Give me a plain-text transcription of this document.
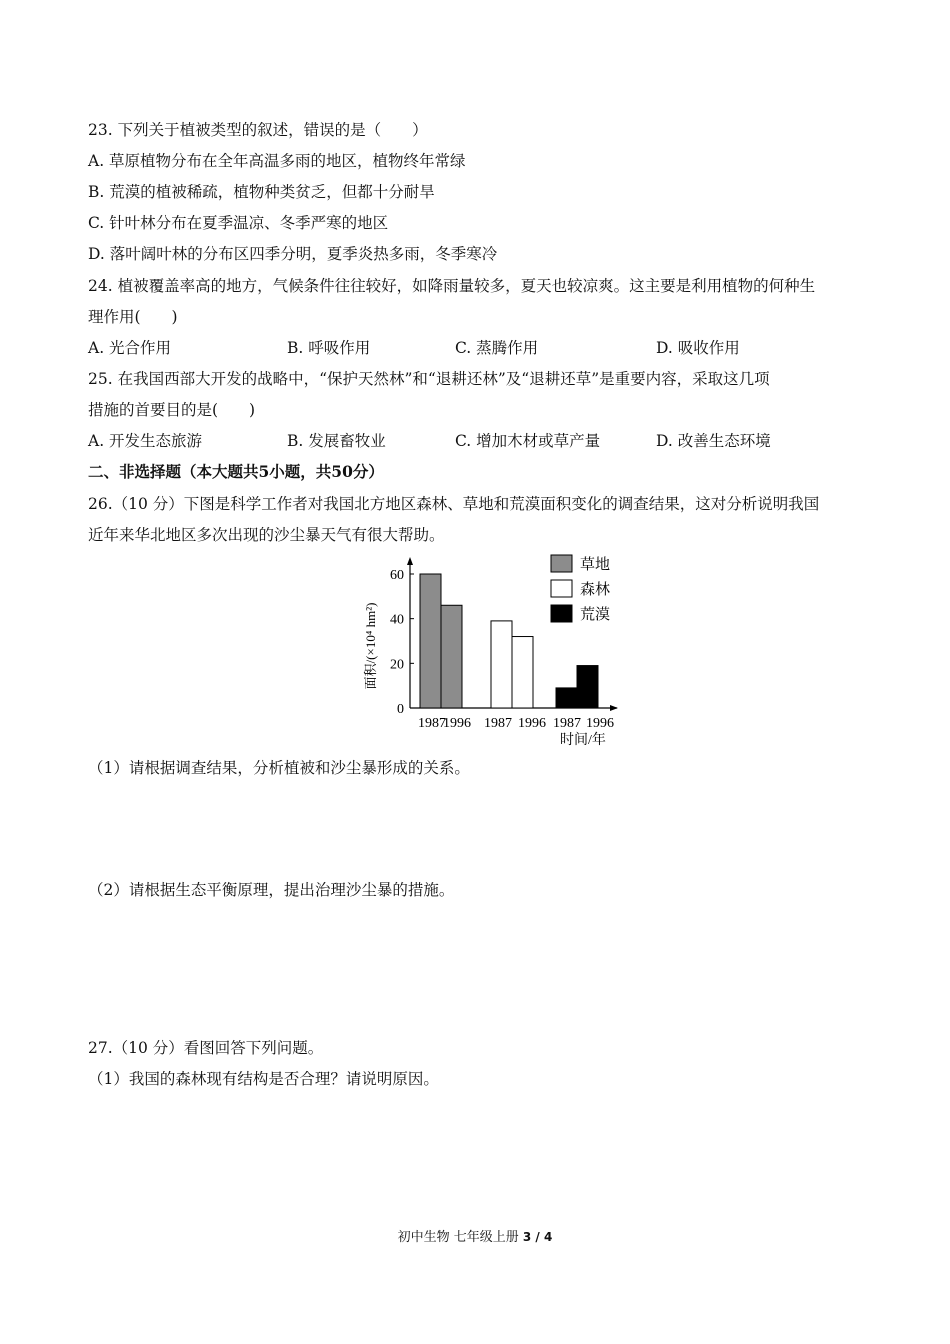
23. 下列关于植被类型的叙述，错误的是（　　）
A. 草原植物分布在全年高温多雨的地区，植物终年常绿
B. 荒漠的植被稀疏，植物种类贫乏，但都十分耐旱
C. 针叶林分布在夏季温凉、冬季严寒的地区
D. 落叶阔叶林的分布区四季分明，夏季炎热多雨，冬季寒冷
24. 植被覆盖率高的地方，气候条件往往较好，如降雨量较多，夏天也较凉爽。这主要是利用植物的何种生
理作用(　　)
A. 光合作用	B. 呼吸作用	C. 蒸腾作用	D. 吸收作用
25. 在我国西部大开发的战略中，“保护天然林”和“退耕还林”及“退耕还草”是重要内容，采取这几项
措施的首要目的是(　　)
A. 开发生态旅游	B. 发展畜牧业	C. 增加木材或草产量	D. 改善生态环境
二、非选择题（本大题共5小题，共50分）
26.（10 分）下图是科学工作者对我国北方地区森林、草地和荒漠面积变化的调查结果，这对分析说明我国
近年来华北地区多次出现的沙尘暴天气有很大帮助。
0
20
40
60
面积/(×10⁴ hm²)
1987
1996 1987 1996 1987 1996
时间/年
草地
森林
荒漠
（1）请根据调查结果，分析植被和沙尘暴形成的关系。
（2）请根据生态平衡原理，提出治理沙尘暴的措施。
27.（10 分）看图回答下列问题。
（1）我国的森林现有结构是否合理？请说明原因。
初中生物 七年级上册 3 / 4
